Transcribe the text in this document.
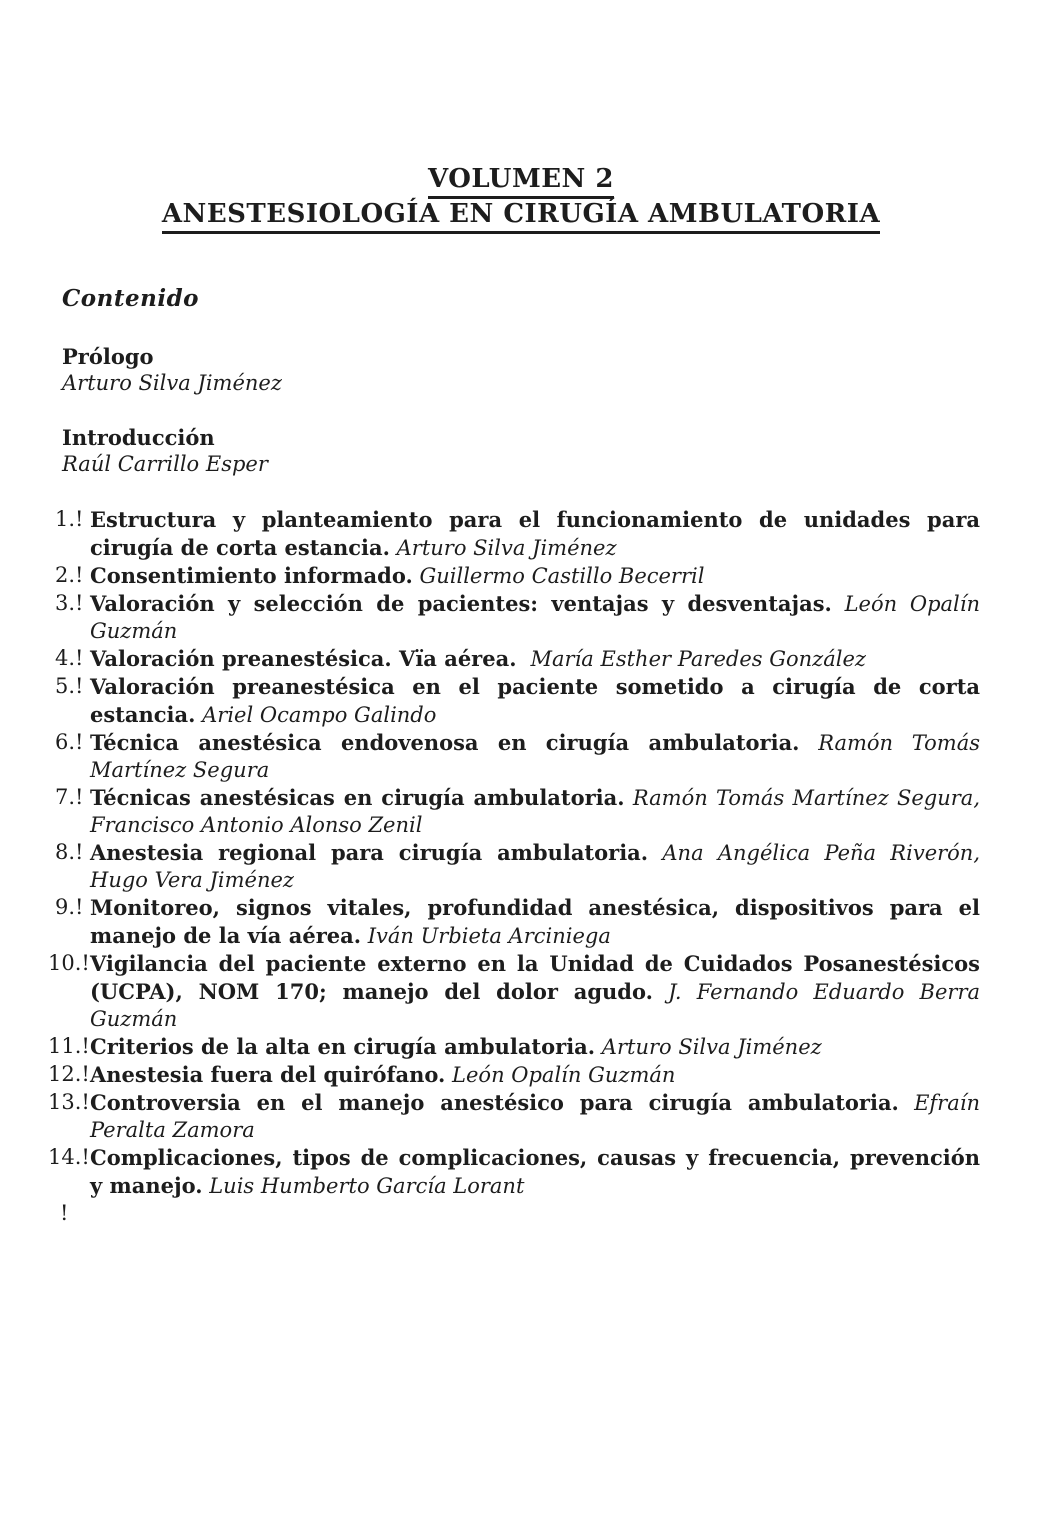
VOLUMEN 2
ANESTESIOLOGÍA EN CIRUGÍA AMBULATORIA
Contenido
Prólogo
Arturo Silva Jiménez
Introducción
Raúl Carrillo Esper
1.! Estructura y planteamiento para el funcionamiento de unidades para cirugía de corta estancia. Arturo Silva Jiménez
2.! Consentimiento informado. Guillermo Castillo Becerril
3.! Valoración y selección de pacientes: ventajas y desventajas. León Opalín Guzmán
4.! Valoración preanestésica. Vïa aérea.  María Esther Paredes González
5.! Valoración preanestésica en el paciente sometido a cirugía de corta estancia. Ariel Ocampo Galindo
6.! Técnica anestésica endovenosa en cirugía ambulatoria. Ramón Tomás Martínez Segura
7.! Técnicas anestésicas en cirugía ambulatoria. Ramón Tomás Martínez Segura, Francisco Antonio Alonso Zenil
8.! Anestesia regional para cirugía ambulatoria. Ana Angélica Peña Riverón, Hugo Vera Jiménez
9.! Monitoreo, signos vitales, profundidad anestésica, dispositivos para el manejo de la vía aérea. Iván Urbieta Arciniega
10.! Vigilancia del paciente externo en la Unidad de Cuidados Posanestésicos (UCPA), NOM 170; manejo del dolor agudo. J. Fernando Eduardo Berra Guzmán
11.! Criterios de la alta en cirugía ambulatoria. Arturo Silva Jiménez
12.! Anestesia fuera del quirófano. León Opalín Guzmán
13.! Controversia en el manejo anestésico para cirugía ambulatoria. Efraín Peralta Zamora
14.! Complicaciones, tipos de complicaciones, causas y frecuencia, prevención y manejo. Luis Humberto García Lorant
!
